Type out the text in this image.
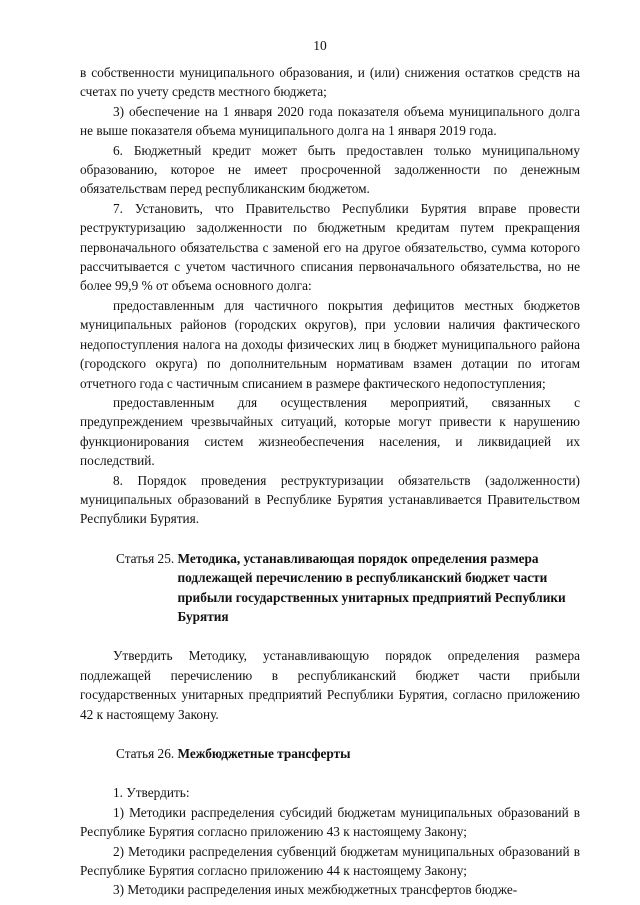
10

в собственности муниципального образования, и (или) снижения остатков средств на счетах по учету средств местного бюджета;

3) обеспечение на 1 января 2020 года показателя объема муниципального долга не выше показателя объема муниципального долга на 1 января 2019 года.

6. Бюджетный кредит может быть предоставлен только муниципальному образованию, которое не имеет просроченной задолженности по денежным обязательствам перед республиканским бюджетом.

7. Установить, что Правительство Республики Бурятия вправе провести реструктуризацию задолженности по бюджетным кредитам путем прекращения первоначального обязательства с заменой его на другое обязательство, сумма которого рассчитывается с учетом частичного списания первоначального обязательства, но не более 99,9 % от объема основного долга:

предоставленным для частичного покрытия дефицитов местных бюджетов муниципальных районов (городских округов), при условии наличия фактического недопоступления налога на доходы физических лиц в бюджет муниципального района (городского округа) по дополнительным нормативам взамен дотации по итогам отчетного года с частичным списанием в размере фактического недопоступления;

предоставленным для осуществления мероприятий, связанных с предупреждением чрезвычайных ситуаций, которые могут привести к нарушению функционирования систем жизнеобеспечения населения, и ликвидацией их последствий.

8. Порядок проведения реструктуризации обязательств (задолженности) муниципальных образований в Республике Бурятия устанавливается Правительством Республики Бурятия.

Статья 25. Методика, устанавливающая порядок определения размера подлежащей перечислению в республиканский бюджет части прибыли государственных унитарных предприятий Республики Бурятия

Утвердить Методику, устанавливающую порядок определения размера подлежащей перечислению в республиканский бюджет части прибыли государственных унитарных предприятий Республики Бурятия, согласно приложению 42 к настоящему Закону.

Статья 26. Межбюджетные трансферты

1. Утвердить:

1) Методики распределения субсидий бюджетам муниципальных образований в Республике Бурятия согласно приложению 43 к настоящему Закону;

2) Методики распределения субвенций бюджетам муниципальных образований в Республике Бурятия согласно приложению 44 к настоящему Закону;

3) Методики распределения иных межбюджетных трансфертов бюдже-
